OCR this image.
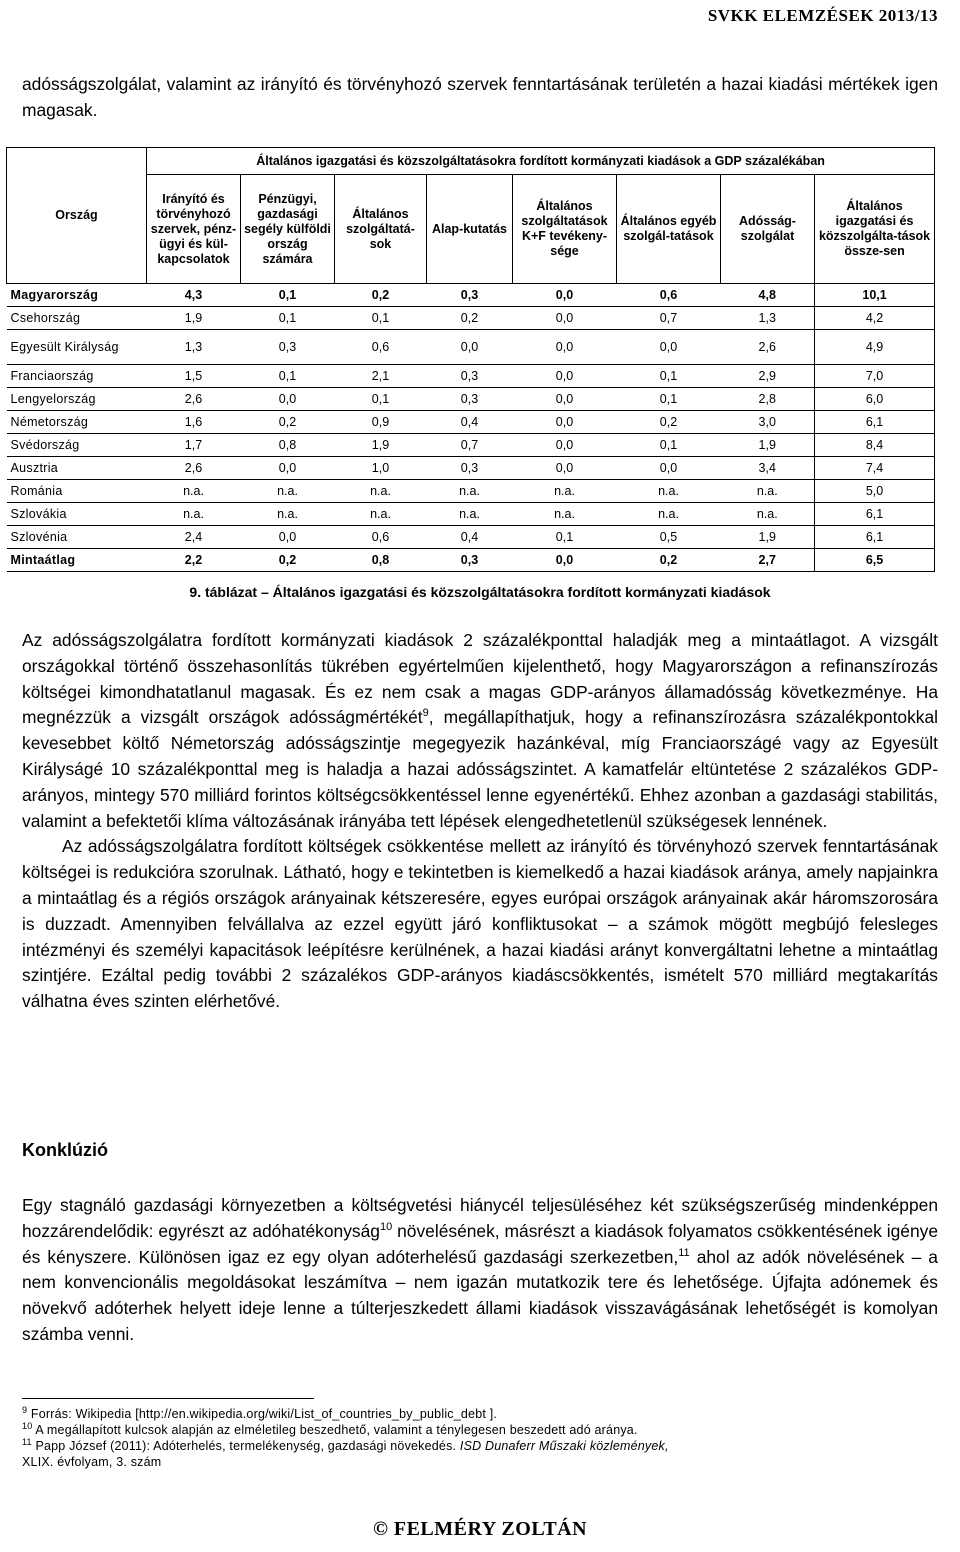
SVKK ELEMZÉSEK 2013/13

adósságszolgálat, valamint az irányító és törvényhozó szervek fenntartásának területén a hazai kiadási mértékek igen magasak.

Ország	Általános igazgatási és közszolgáltatásokra fordított kormányzati kiadások a GDP százalékában							
	Irányító és törvényhozó szervek, pénz-ügyi és kül-kapcsolatok	Pénzügyi, gazdasági segély külföldi ország számára	Általános szolgáltatá-sok	Alap-kutatás	Általános szolgáltatások K+F tevékeny-sége	Általános egyéb szolgál-tatások	Adósság-szolgálat	Általános igazgatási és közszolgálta-tások össze-sen
Magyarország	4,3	0,1	0,2	0,3	0,0	0,6	4,8	10,1
Csehország	1,9	0,1	0,1	0,2	0,0	0,7	1,3	4,2
Egyesült Királyság	1,3	0,3	0,6	0,0	0,0	0,0	2,6	4,9
Franciaország	1,5	0,1	2,1	0,3	0,0	0,1	2,9	7,0
Lengyelország	2,6	0,0	0,1	0,3	0,0	0,1	2,8	6,0
Németország	1,6	0,2	0,9	0,4	0,0	0,2	3,0	6,1
Svédország	1,7	0,8	1,9	0,7	0,0	0,1	1,9	8,4
Ausztria	2,6	0,0	1,0	0,3	0,0	0,0	3,4	7,4
Románia	n.a.	n.a.	n.a.	n.a.	n.a.	n.a.	n.a.	5,0
Szlovákia	n.a.	n.a.	n.a.	n.a.	n.a.	n.a.	n.a.	6,1
Szlovénia	2,4	0,0	0,6	0,4	0,1	0,5	1,9	6,1
Mintaátlag	2,2	0,2	0,8	0,3	0,0	0,2	2,7	6,5
9. táblázat – Általános igazgatási és közszolgáltatásokra fordított kormányzati kiadások

Az adósságszolgálatra fordított kormányzati kiadások 2 százalékponttal haladják meg a mintaátlagot. A vizsgált országokkal történő összehasonlítás tükrében egyértelműen kijelenthető, hogy Magyarországon a refinanszírozás költségei kimondhatatlanul magasak. És ez nem csak a magas GDP-arányos államadósság következménye. Ha megnézzük a vizsgált országok adósságmértékét$^9$, megállapíthatjuk, hogy a refinanszírozásra százalékpontokkal kevesebbet költő Németország adósságszintje megegyezik hazánkéval, míg Franciaországé vagy az Egyesült Királyságé 10 százalékponttal meg is haladja a hazai adósságszintet. A kamatfelár eltüntetése 2 százalékos GDP-arányos, mintegy 570 milliárd forintos költségcsökkentéssel lenne egyenértékű. Ehhez azonban a gazdasági stabilitás, valamint a befektetői klíma változásának irányába tett lépések elengedhetetlenül szükségesek lennének.

Az adósságszolgálatra fordított költségek csökkentése mellett az irányító és törvényhozó szervek fenntartásának költségei is redukcióra szorulnak. Látható, hogy e tekintetben is kiemelkedő a hazai kiadások aránya, amely napjainkra a mintaátlag és a régiós országok arányainak kétszeresére, egyes európai országok arányainak akár háromszorosára is duzzadt. Amennyiben felvállalva az ezzel együtt járó konfliktusokat – a számok mögött megbújó felesleges intézményi és személyi kapacitások leépítésre kerülnének, a hazai kiadási arányt konvergáltatni lehetne a mintaátlag szintjére. Ezáltal pedig további 2 százalékos GDP-arányos kiadáscsökkentés, ismételt 570 milliárd megtakarítás válhatna éves szinten elérhetővé.

Konklúzió

Egy stagnáló gazdasági környezetben a költségvetési hiánycél teljesüléséhez két szükségszerűség mindenképpen hozzárendelődik: egyrészt az adóhatékonyság$^{10}$ növelésének, másrészt a kiadások folyamatos csökkentésének igénye és kényszere. Különösen igaz ez egy olyan adóterhelésű gazdasági szerkezetben,$^{11}$ ahol az adók növelésének – a nem konvencionális megoldásokat leszámítva – nem igazán mutatkozik tere és lehetősége. Újfajta adónemek és növekvő adóterhek helyett ideje lenne a túlterjeszkedett állami kiadások visszavágásának lehetőségét is komolyan számba venni.

$^9$ Forrás: Wikipedia [http://en.wikipedia.org/wiki/List_of_countries_by_public_debt ].

$^{10}$ A megállapított kulcsok alapján az elméletileg beszedhető, valamint a ténylegesen beszedett adó aránya.

$^{11}$ Papp József (2011): Adóterhelés, termelékenység, gazdasági növekedés. ISD Dunaferr Műszaki közlemények,
XLIX. évfolyam, 3. szám

© FELMÉRY ZOLTÁN
